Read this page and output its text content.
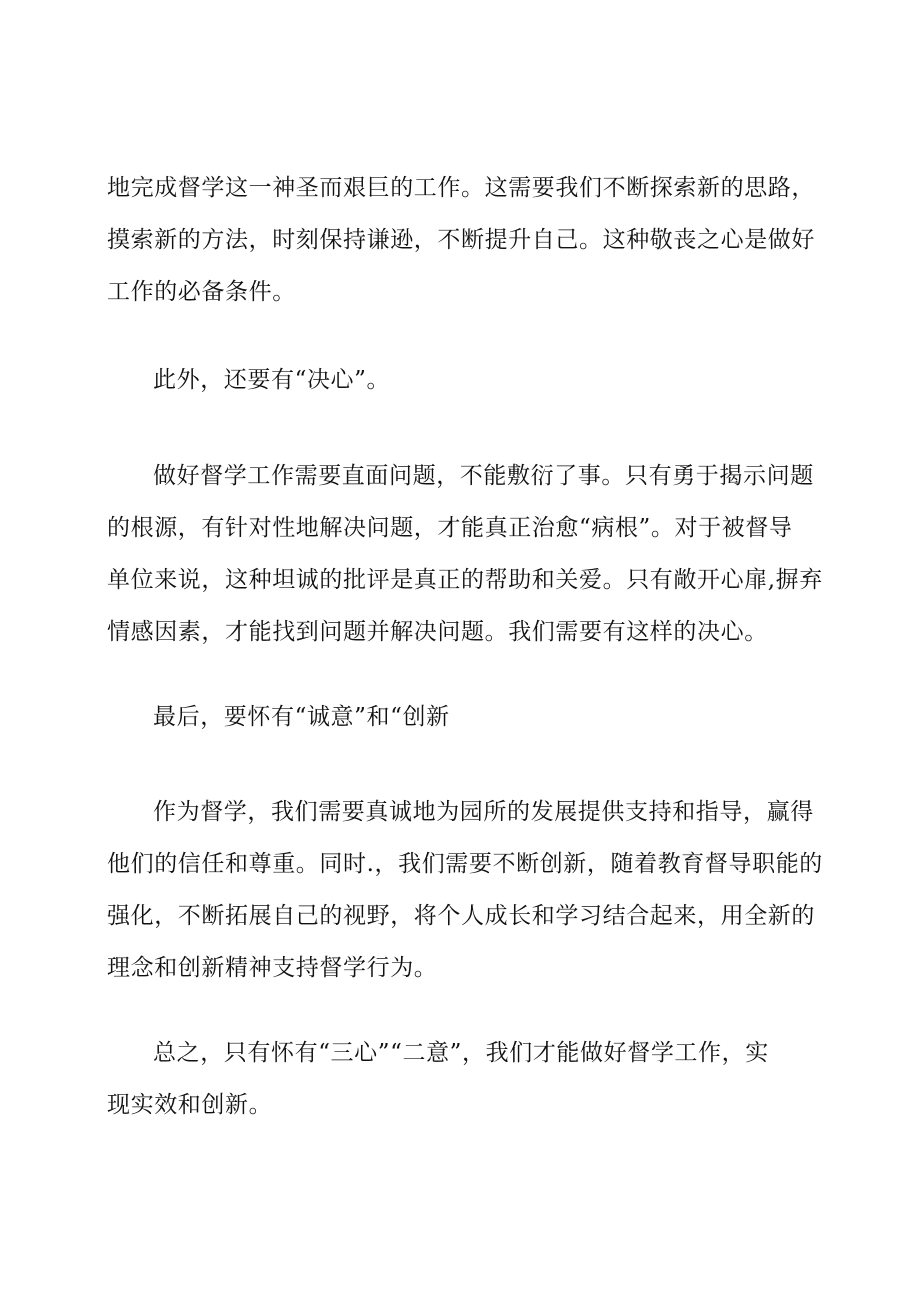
地完成督学这一神圣而艰巨的工作。这需要我们不断探索新的思路，
摸索新的方法，时刻保持谦逊，不断提升自己。这种敬丧之心是做好
工作的必备条件。
此外，还要有“决心”。
做好督学工作需要直面问题，不能敷衍了事。只有勇于揭示问题
的根源，有针对性地解决问题，才能真正治愈“病根”。对于被督导
单位来说，这种坦诚的批评是真正的帮助和关爱。只有敞开心扉,摒弃
情感因素，才能找到问题并解决问题。我们需要有这样的决心。
最后，要怀有“诚意”和“创新
作为督学，我们需要真诚地为园所的发展提供支持和指导，赢得
他们的信任和尊重。同时.，我们需要不断创新，随着教育督导职能的
强化，不断拓展自己的视野，将个人成长和学习结合起来，用全新的
理念和创新精神支持督学行为。
总之，只有怀有“三心”“二意”，我们才能做好督学工作，实
现实效和创新。
